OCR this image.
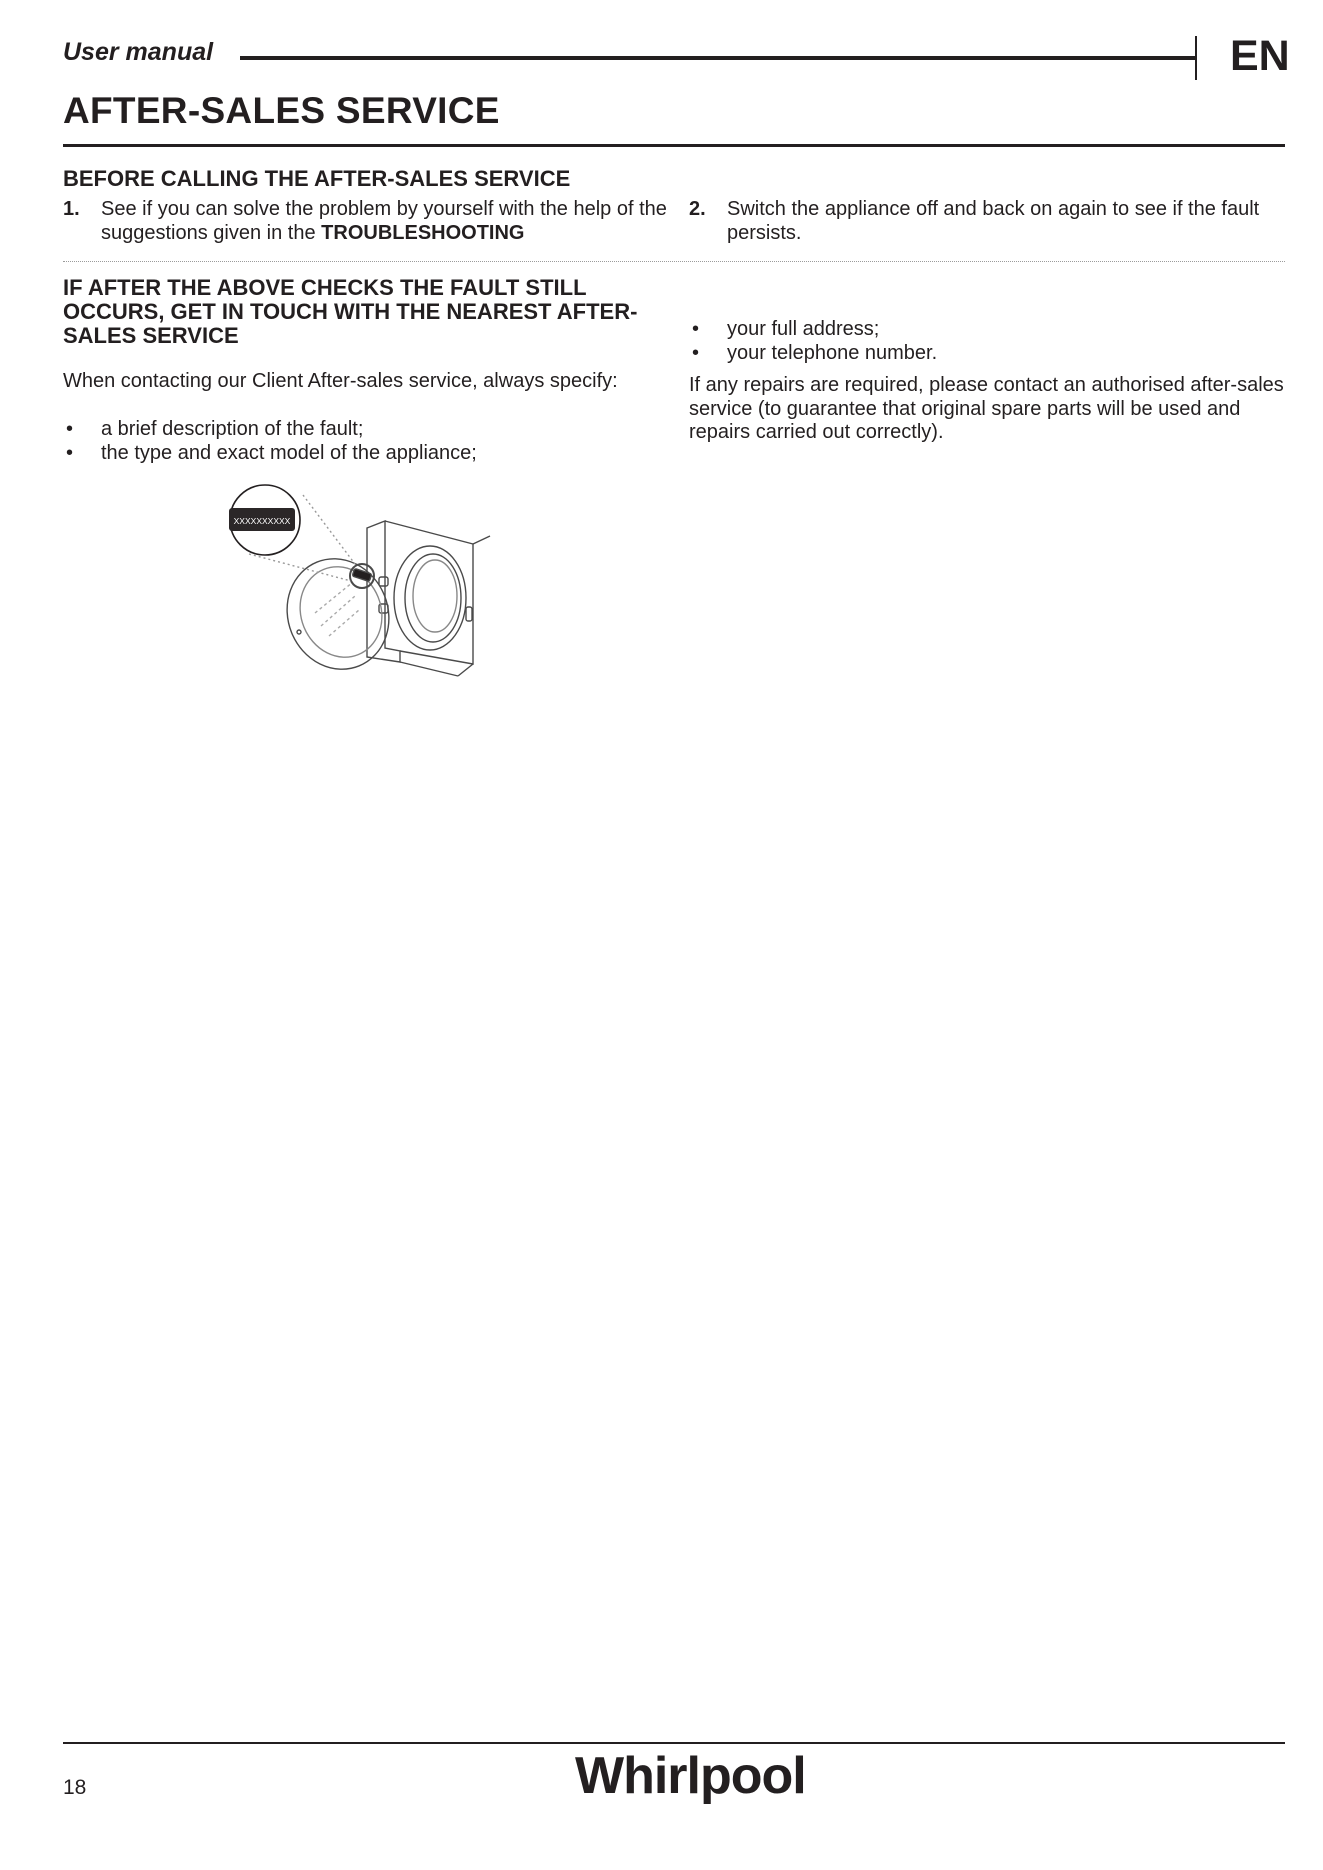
User manual	EN
AFTER-SALES SERVICE
BEFORE CALLING THE AFTER-SALES SERVICE
1.	See if you can solve the problem by yourself with the help of the suggestions given in the TROUBLESHOOTING
2.	Switch the appliance off and back on again to see if the fault persists.
IF AFTER THE ABOVE CHECKS THE FAULT STILL OCCURS, GET IN TOUCH WITH THE NEAREST AFTER-SALES SERVICE
When contacting our Client After-sales service, always specify:
• a brief description of the fault;
• the type and exact model of the appliance;
• your full address;
• your telephone number.
If any repairs are required, please contact an authorised after-sales service (to guarantee that original spare parts will be used and repairs carried out correctly).
XXXXXXXXXX
18	Whirlpool
